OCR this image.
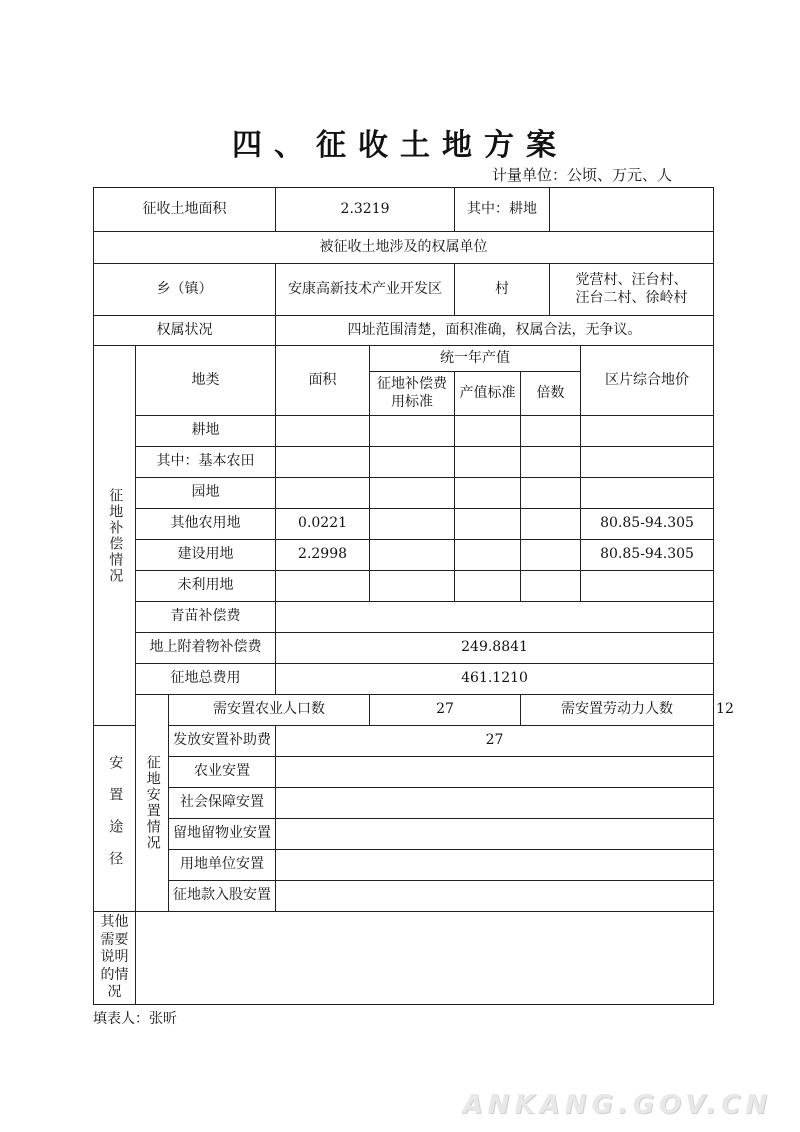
四、征收土地方案
计量单位：公顷、万元、人
征收土地面积			2.3219		其中：耕地				
被征收土地涉及的权属单位									
乡（镇）			安康高新技术产业开发区		村		党营村、汪台村、
汪台二村、徐岭村		

权属状况			四址范围清楚，面积准确，权属合法，无争议。						

征地补偿情况	地类		面积	统一年产值				区片综合地价	
				征地补偿费用标准	产值标准	倍数			
	耕地								
	其中：基本农田								
	园地								
	其他农用地		0.0221					80.85-94.305	
	建设用地		2.2998					80.85-94.305	
	未利用地								
	青苗补偿费								
	地上附着物补偿费		249.8841						
	征地总费用		461.1210						

	征地安置情况	需安置农业人口数		27		需安置劳动力人数			12

安置途径		发放安置补助费	27						
		农业安置							
		社会保障安置							
		留地留物业安置							
		用地单位安置							
		征地款入股安置							
其他需要说明的情况									
填表人：张昕
ANKANG.GOV.CN
